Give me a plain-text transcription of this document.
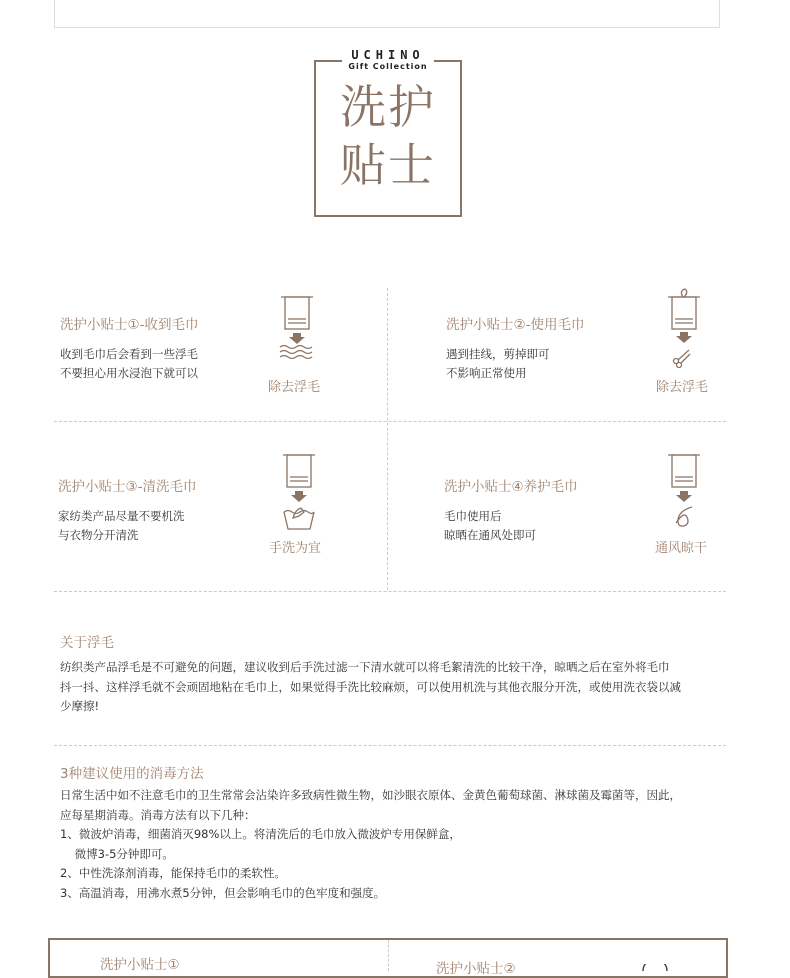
UCHINO
Gift Collection
洗护
贴士
洗护小贴士①-收到毛巾
收到毛巾后会看到一些浮毛
不要担心用水浸泡下就可以
除去浮毛
洗护小贴士②-使用毛巾
遇到挂线，剪掉即可
不影响正常使用
除去浮毛
洗护小贴士③-清洗毛巾
家纺类产品尽量不要机洗
与衣物分开清洗
手洗为宜
洗护小贴士④养护毛巾
毛巾使用后
晾晒在通风处即可
通风晾干
关于浮毛
纺织类产品浮毛是不可避免的问题，建议收到后手洗过滤一下清水就可以将毛絮清洗的比较干净，晾晒之后在室外将毛巾
抖一抖、这样浮毛就不会顽固地粘在毛巾上，如果觉得手洗比较麻烦，可以使用机洗与其他衣服分开洗，或使用洗衣袋以减
少摩擦!
3种建议使用的消毒方法
日常生活中如不注意毛巾的卫生常常会沾染许多致病性微生物，如沙眼衣原体、金黄色葡萄球菌、淋球菌及霉菌等，因此，
应每星期消毒。消毒方法有以下几种：
1、微波炉消毒，细菌消灭98%以上。将清洗后的毛巾放入微波炉专用保鲜盒，
微博3-5分钟即可。
2、中性洗涤剂消毒，能保持毛巾的柔软性。
3、高温消毒，用沸水煮5分钟，但会影响毛巾的色牢度和强度。
洗护小贴士①	洗护小贴士②
